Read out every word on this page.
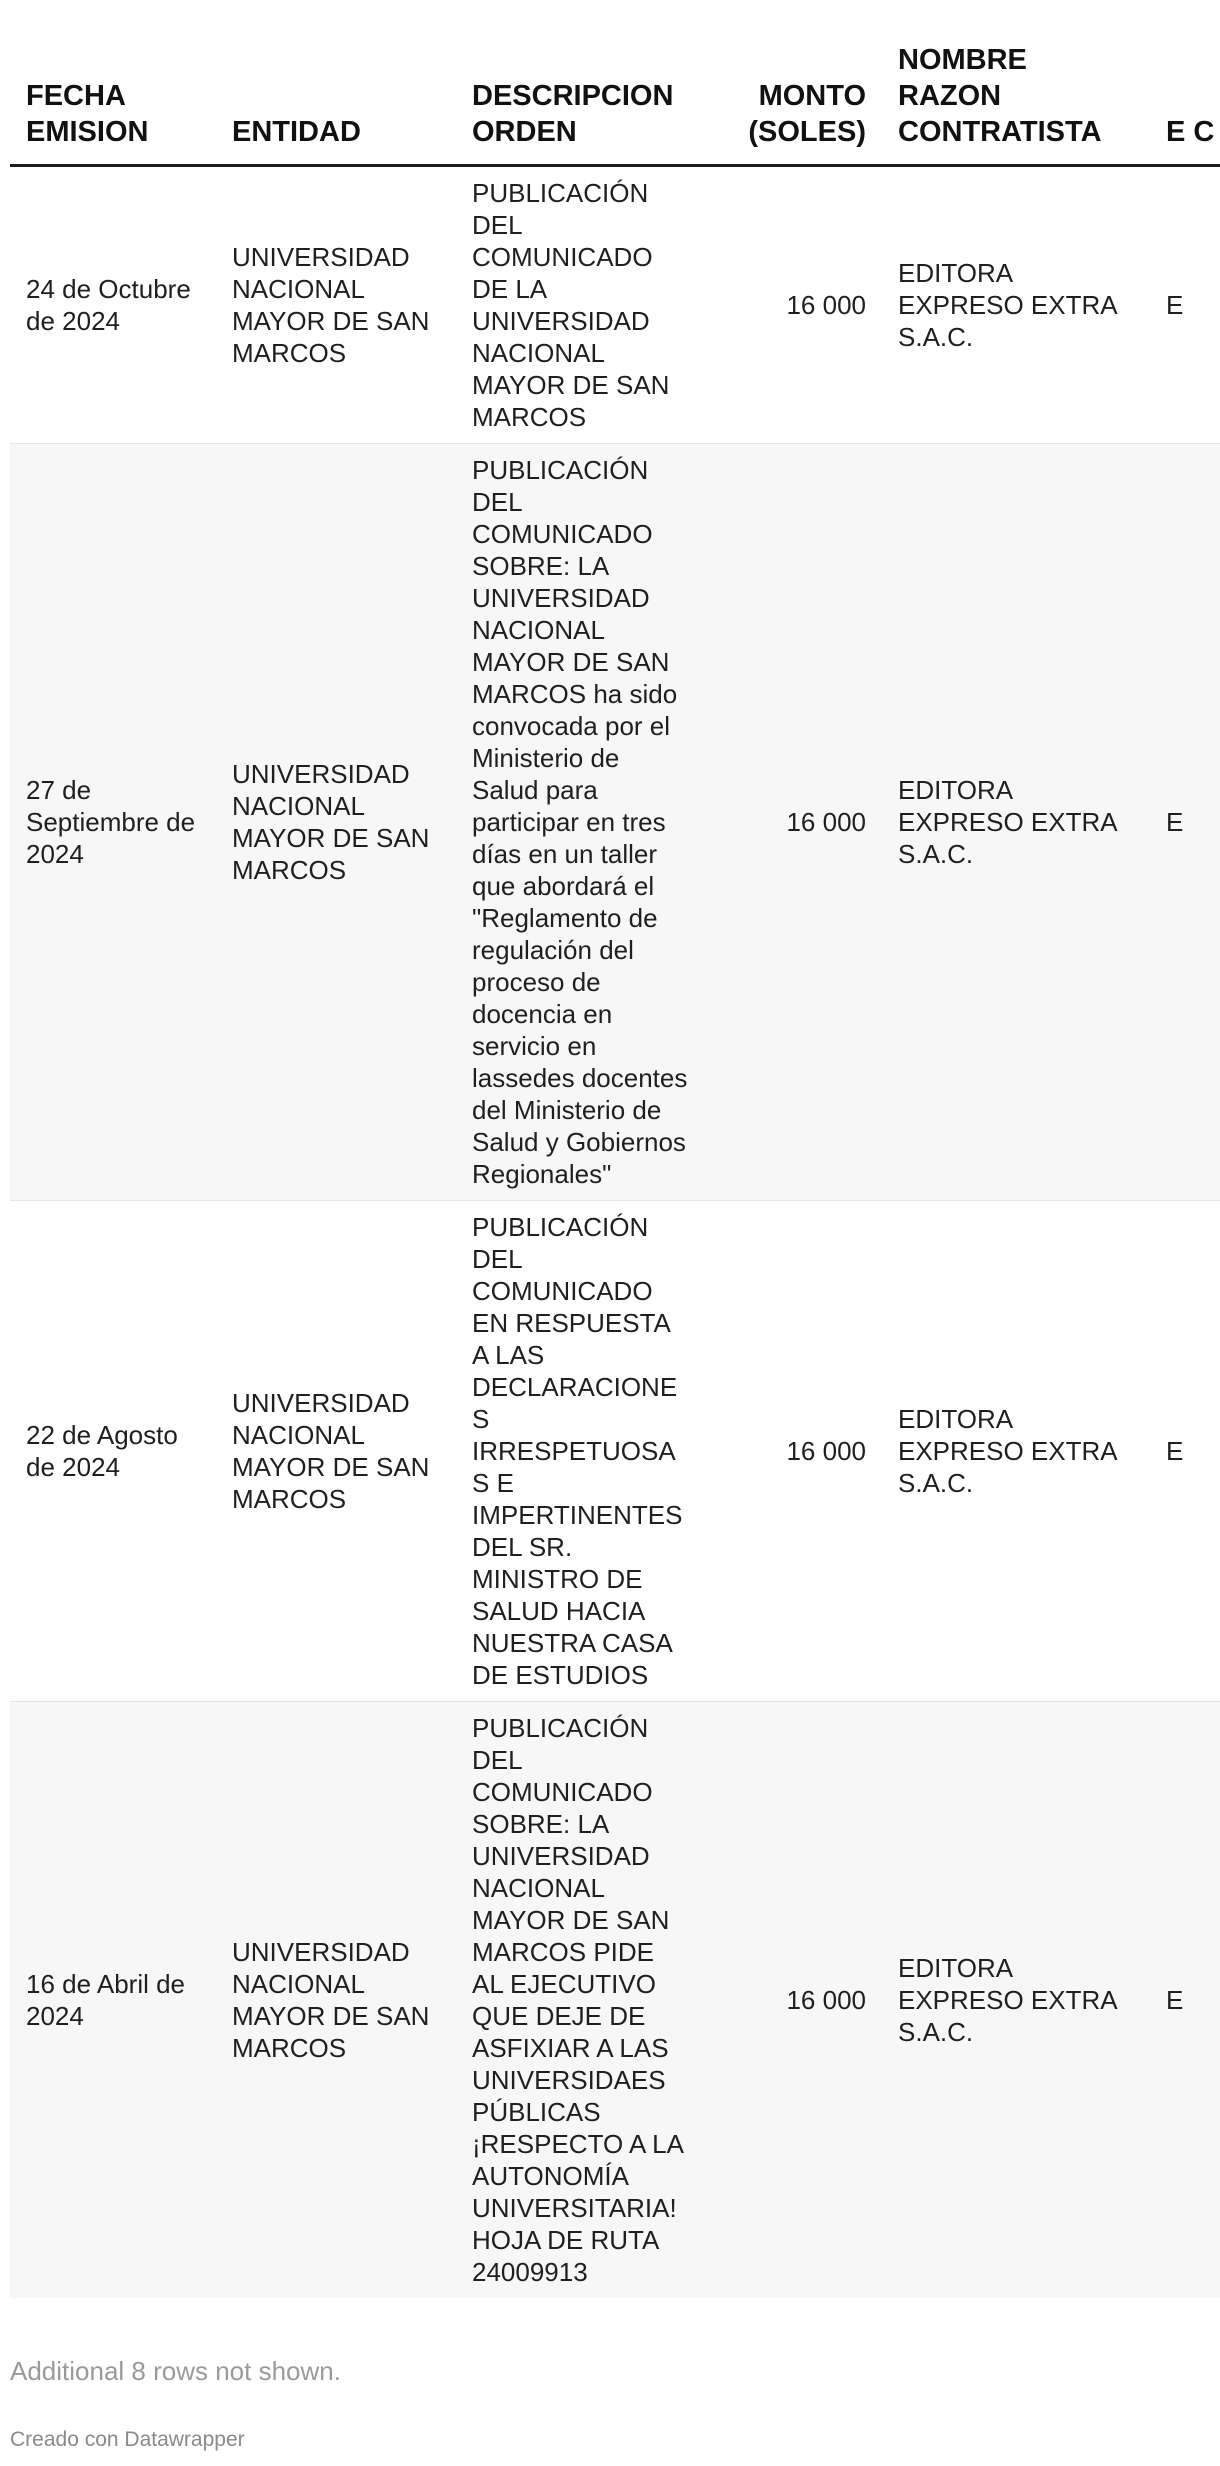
FECHA EMISION	ENTIDAD	DESCRIPCION ORDEN	MONTO (SOLES)	NOMBRE RAZON CONTRATISTA	E C
24 de Octubre de 2024	UNIVERSIDAD NACIONAL MAYOR DE SAN MARCOS	PUBLICACIÓN DEL COMUNICADO DE LA UNIVERSIDAD NACIONAL MAYOR DE SAN MARCOS	16 000	EDITORA EXPRESO EXTRA S.A.C.	E
27 de Septiembre de 2024	UNIVERSIDAD NACIONAL MAYOR DE SAN MARCOS	PUBLICACIÓN DEL COMUNICADO SOBRE: LA UNIVERSIDAD NACIONAL MAYOR DE SAN MARCOS ha sido convocada por el Ministerio de Salud para participar en tres días en un taller que abordará el "Reglamento de regulación del proceso de docencia en servicio en lassedes docentes del Ministerio de Salud y Gobiernos Regionales"	16 000	EDITORA EXPRESO EXTRA S.A.C.	E
22 de Agosto de 2024	UNIVERSIDAD NACIONAL MAYOR DE SAN MARCOS	PUBLICACIÓN DEL COMUNICADO EN RESPUESTA A LAS DECLARACIONES IRRESPETUOSAS E IMPERTINENTES DEL SR. MINISTRO DE SALUD HACIA NUESTRA CASA DE ESTUDIOS	16 000	EDITORA EXPRESO EXTRA S.A.C.	E
16 de Abril de 2024	UNIVERSIDAD NACIONAL MAYOR DE SAN MARCOS	PUBLICACIÓN DEL COMUNICADO SOBRE: LA UNIVERSIDAD NACIONAL MAYOR DE SAN MARCOS PIDE AL EJECUTIVO QUE DEJE DE ASFIXIAR A LAS UNIVERSIDAES PÚBLICAS ¡RESPECTO A LA AUTONOMÍA UNIVERSITARIA! HOJA DE RUTA 24009913	16 000	EDITORA EXPRESO EXTRA S.A.C.	E
Additional 8 rows not shown.
Creado con Datawrapper
